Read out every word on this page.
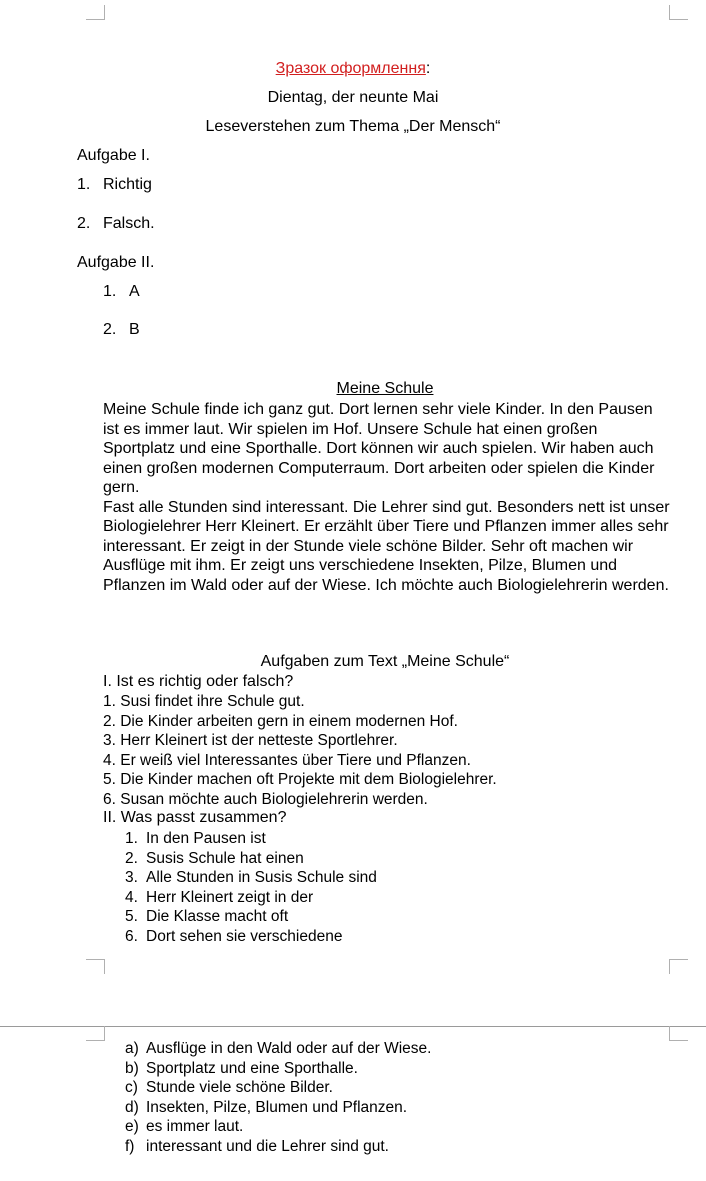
Зразок оформлення:
Dientag, der neunte Mai
Leseverstehen zum Thema „Der Mensch“
Aufgabe I.
1. Richtig
2. Falsch.
Aufgabe II.
1. A
2. B
Meine Schule

Meine Schule finde ich ganz gut. Dort lernen sehr viele Kinder. In den Pausen ist es immer laut. Wir spielen im Hof. Unsere Schule hat einen großen Sportplatz und eine Sporthalle. Dort können wir auch spielen. Wir haben auch einen großen modernen Computerraum. Dort arbeiten oder spielen die Kinder gern.

Fast alle Stunden sind interessant. Die Lehrer sind gut. Besonders nett ist unser Biologielehrer Herr Kleinert. Er erzählt über Tiere und Pflanzen immer alles sehr interessant. Er zeigt in der Stunde viele schöne Bilder. Sehr oft machen wir Ausflüge mit ihm. Er zeigt uns verschiedene Insekten, Pilze, Blumen und Pflanzen im Wald oder auf der Wiese. Ich möchte auch Biologielehrerin werden.

Aufgaben zum Text „Meine Schule“
I. Ist es richtig oder falsch?
1. Susi findet ihre Schule gut.
2. Die Kinder arbeiten gern in einem modernen Hof.
3. Herr Kleinert ist der netteste Sportlehrer.
4. Er weiß viel Interessantes über Tiere und Pflanzen.
5. Die Kinder machen oft Projekte mit dem Biologielehrer.
6. Susan möchte auch Biologielehrerin werden.
II. Was passt zusammen?
1. In den Pausen ist
2. Susis Schule hat einen
3. Alle Stunden in Susis Schule sind
4. Herr Kleinert zeigt in der
5. Die Klasse macht oft
6. Dort sehen sie verschiedene
a) Ausflüge in den Wald oder auf der Wiese.
b) Sportplatz und eine Sporthalle.
c) Stunde viele schöne Bilder.
d) Insekten, Pilze, Blumen und Pflanzen.
e) es immer laut.
f) interessant und die Lehrer sind gut.
